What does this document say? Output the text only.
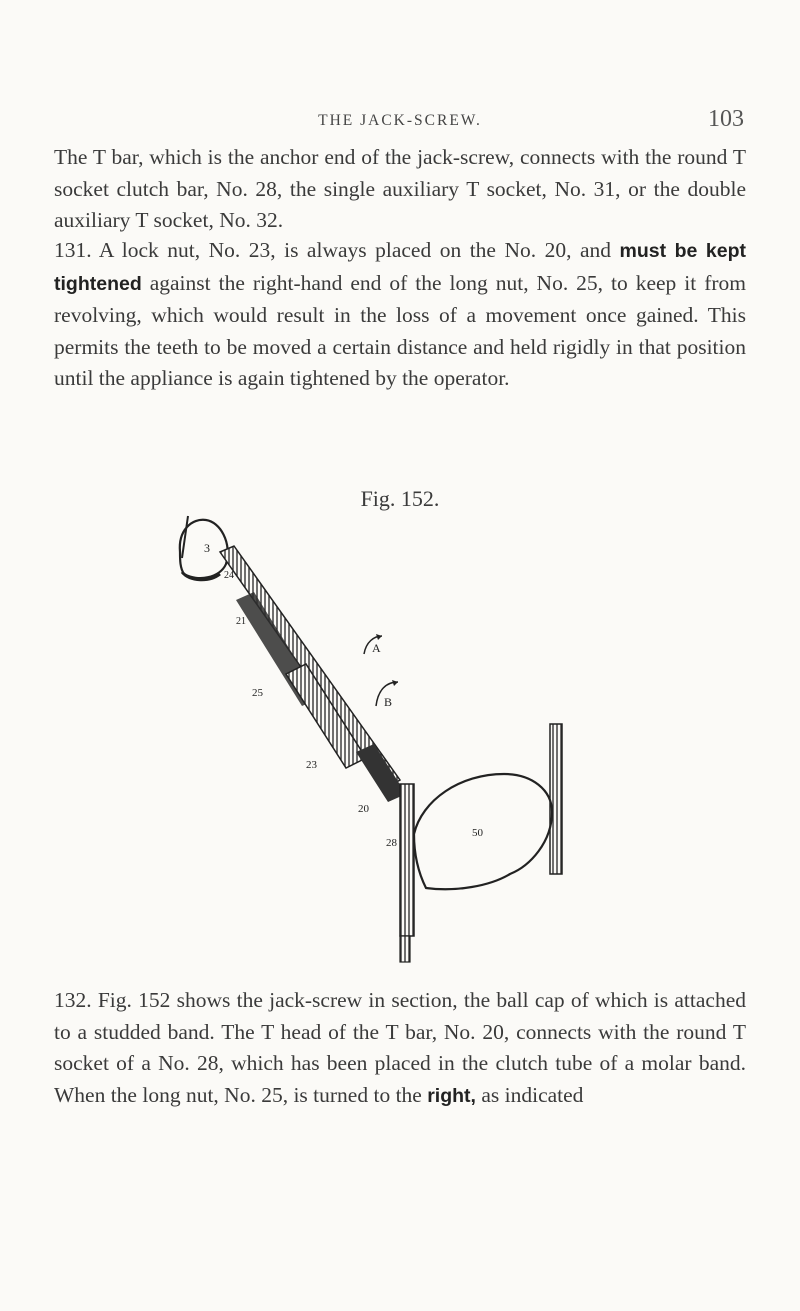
THE JACK-SCREW.	103

The T bar, which is the anchor end of the jack-screw, connects with the round T socket clutch bar, No. 28, the single auxiliary T socket, No. 31, or the double auxiliary T socket, No. 32.

131. A lock nut, No. 23, is always placed on the No. 20, and must be kept tightened against the right-hand end of the long nut, No. 25, to keep it from revolving, which would result in the loss of a movement once gained. This permits the teeth to be moved a certain distance and held rigidly in that position until the appliance is again tightened by the operator.

Fig. 152.
A
B
3
24
21
25
23
20
28
50

132. Fig. 152 shows the jack-screw in section, the ball cap of which is attached to a studded band. The T head of the T bar, No. 20, connects with the round T socket of a No. 28, which has been placed in the clutch tube of a molar band. When the long nut, No. 25, is turned to the right, as indicated
